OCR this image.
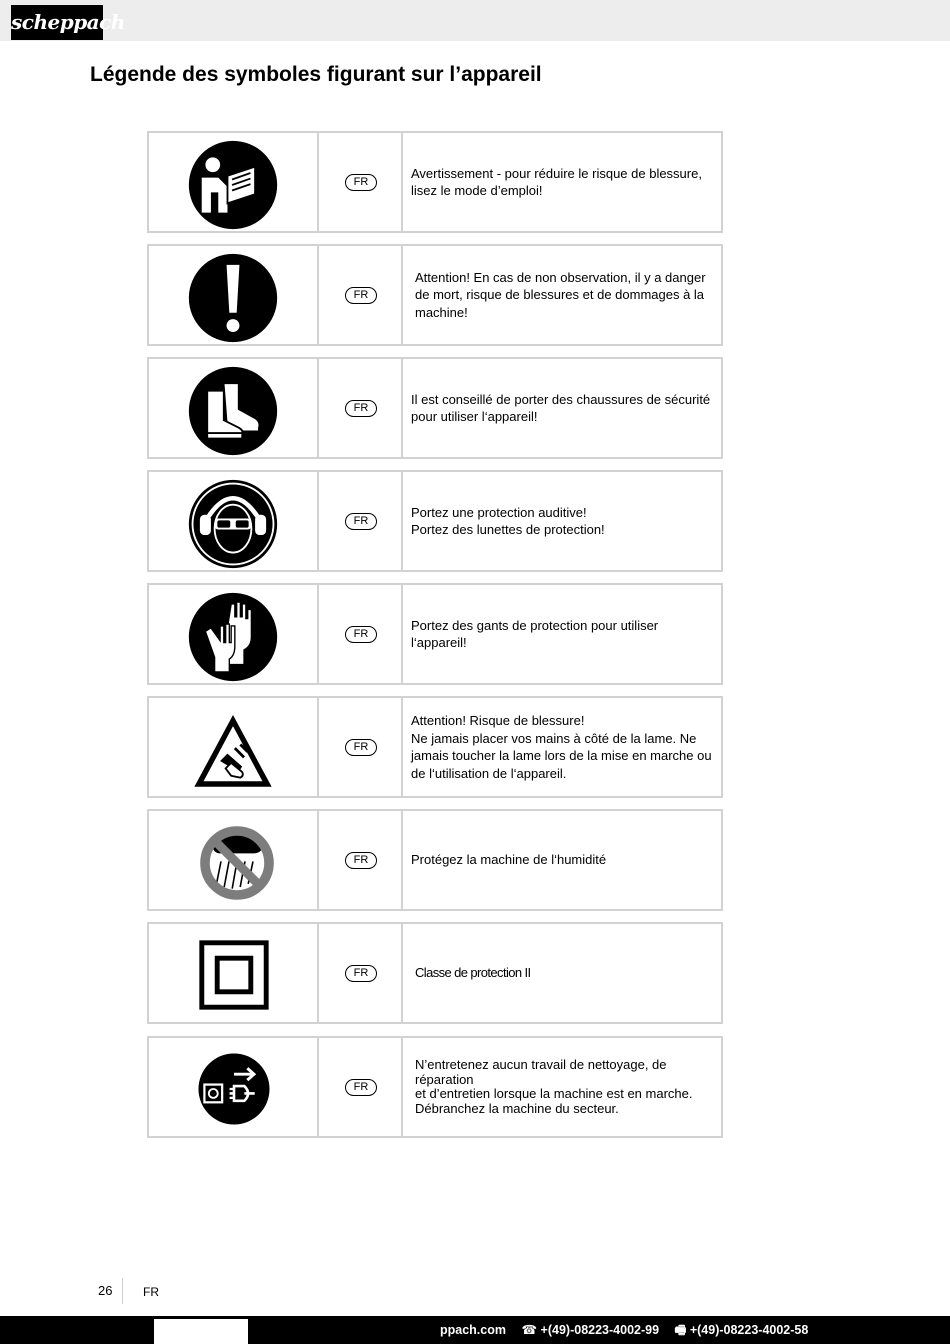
scheppach
Légende des symboles figurant sur l’appareil
FR
Avertissement - pour réduire le risque de blessure,
lisez le mode d’emploi!
FR
Attention! En cas de non observation, il y a danger
de mort, risque de blessures et de dommages à la
machine!
FR
Il est conseillé de porter des chaussures de sécurité
pour utiliser l‘appareil!
FR
Portez une protection auditive!
Portez des lunettes de protection!
FR
Portez des gants de protection pour utiliser l‘appareil!
FR
Attention! Risque de blessure!
Ne jamais placer vos mains à côté de la lame. Ne
jamais toucher la lame lors de la mise en marche ou
de l‘utilisation de l‘appareil.
FR	Protégez la machine de l‘humidité
FR	Classe de protection II
FR
N’entretenez aucun travail de nettoyage, de réparation
et d’entretien lorsque la machine est en marche.
Débranchez la machine du secteur.
26	FR
ppach.com ☎ +(49)-08223-4002-99 🖷 +(49)-08223-4002-58
